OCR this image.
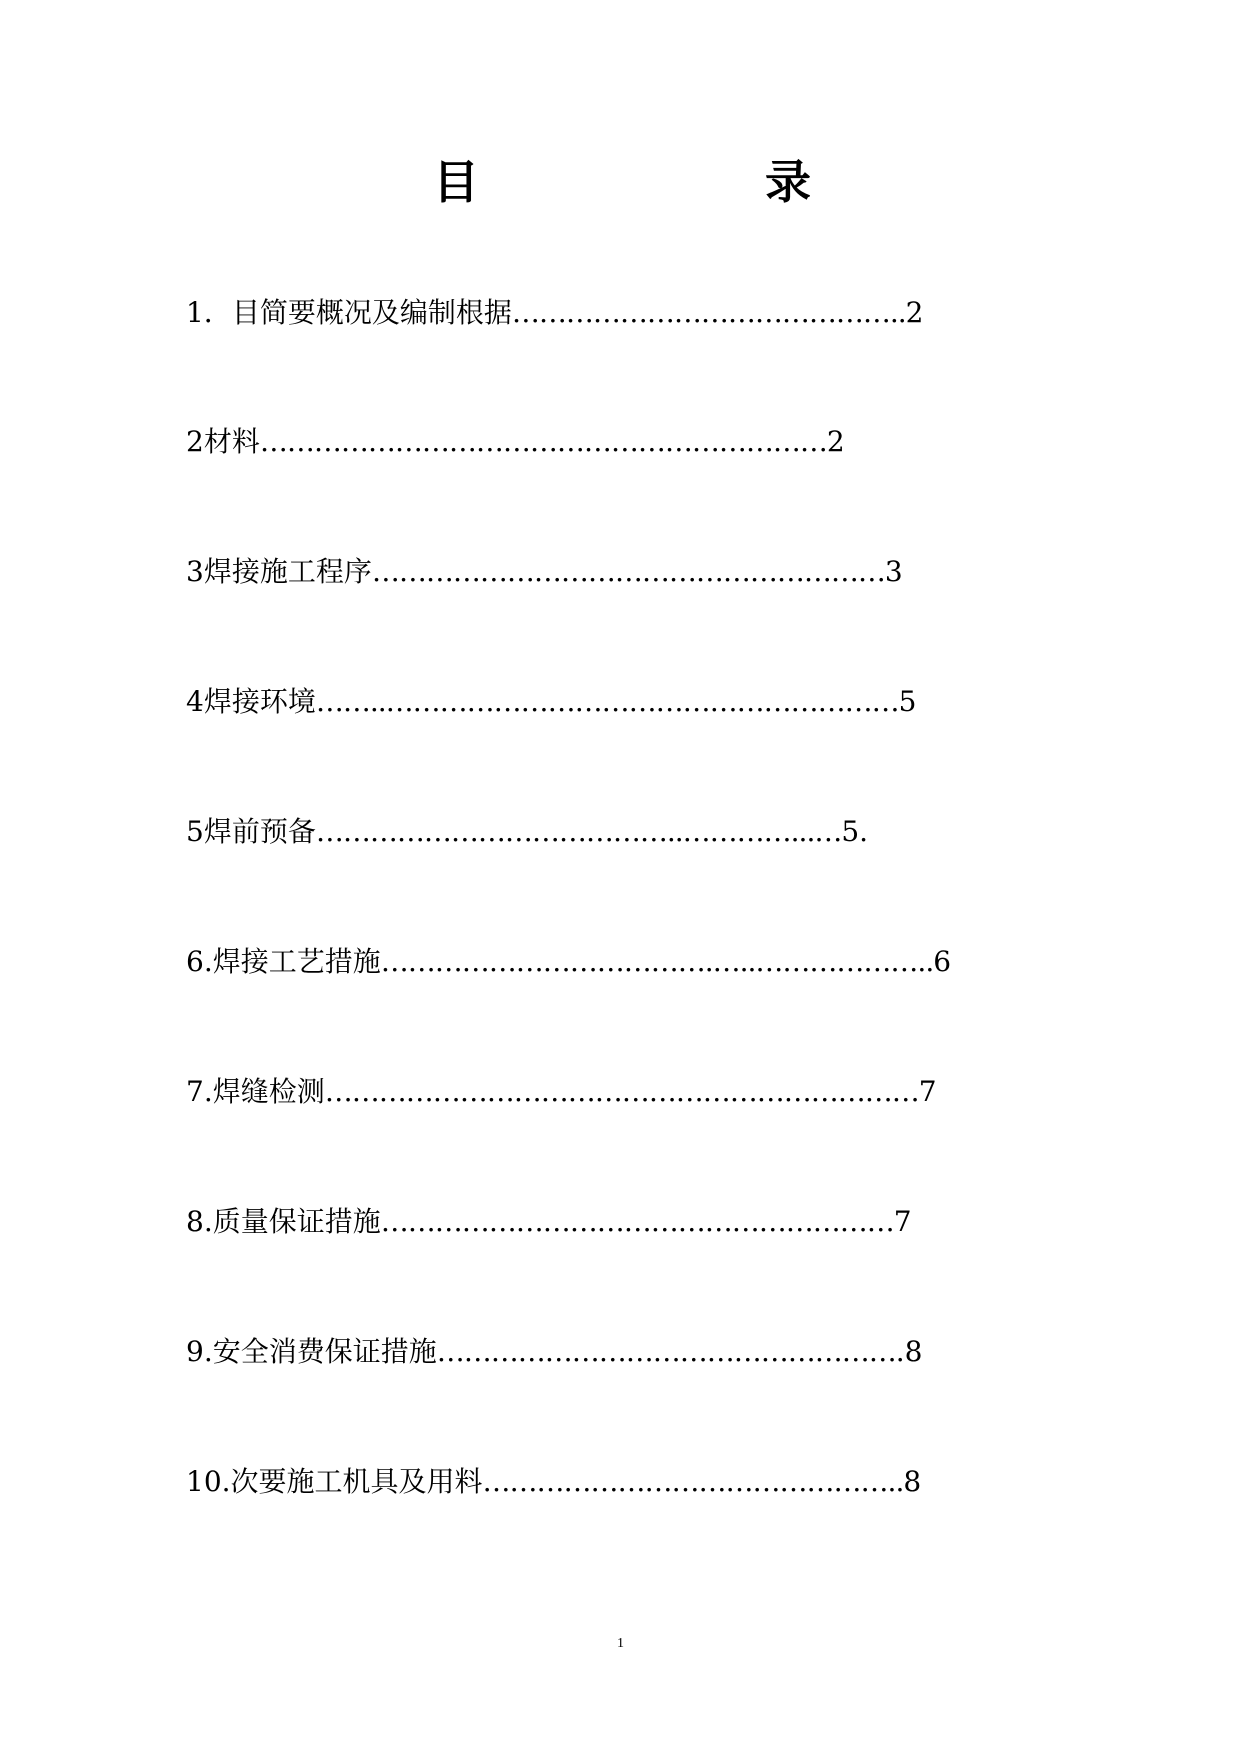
目	录
1．目简要概况及编制根据……………………………………..2
2材料………………………………………………………2
3焊接施工程序…………………………………………………3
4焊接环境……..…………………………………………………5
5焊前预备…………………………………..…………...…5.
6.焊接工艺措施……………………………….…..………………..6
7.焊缝检测…………………………………………………………7
8.质量保证措施…………………………………………………7
9.安全消费保证措施…………………………………………….8
10.次要施工机具及用料………………………………………..8
1
